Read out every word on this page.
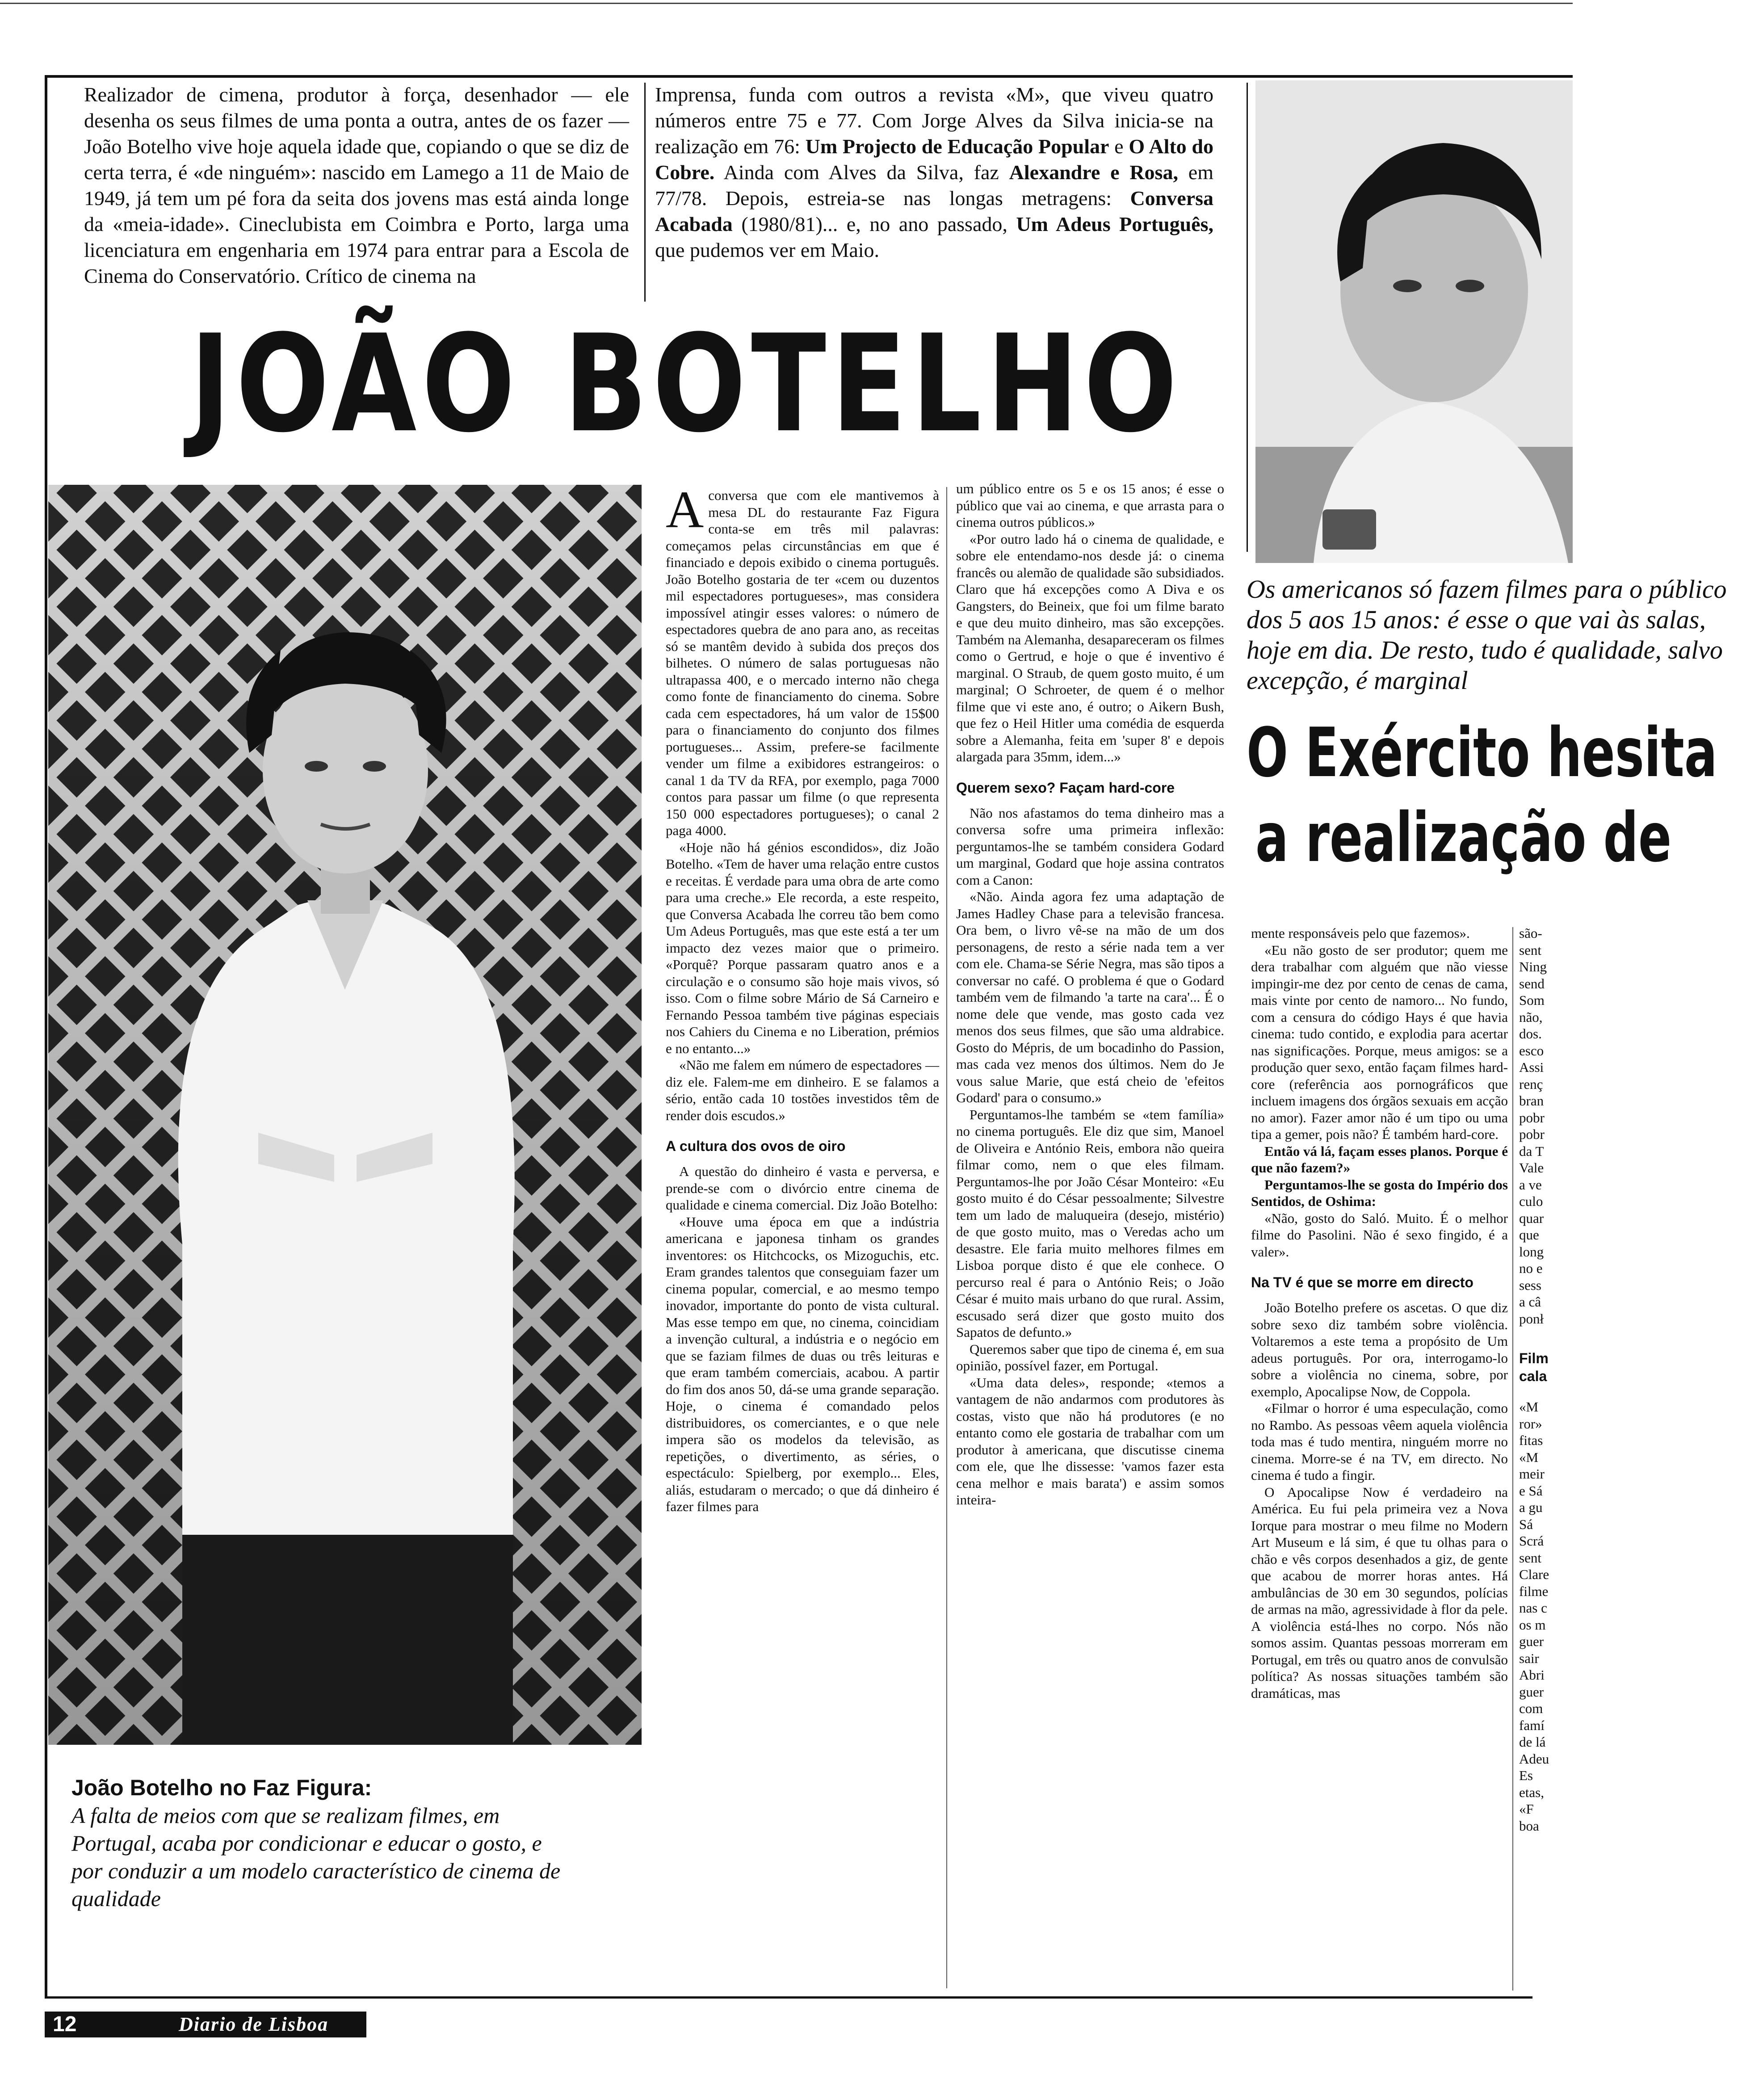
Realizador de cimena, produtor à força, desenhador — ele desenha os seus filmes de uma ponta a outra, antes de os fazer — João Botelho vive hoje aquela idade que, copiando o que se diz de certa terra, é «de ninguém»: nascido em Lamego a 11 de Maio de 1949, já tem um pé fora da seita dos jovens mas está ainda longe da «meia-idade». Cineclubista em Coimbra e Porto, larga uma licenciatura em engenharia em 1974 para entrar para a Escola de Cinema do Conservatório. Crítico de cinema na

Imprensa, funda com outros a revista «M», que viveu quatro números entre 75 e 77. Com Jorge Alves da Silva inicia-se na realização em 76: Um Projecto de Educação Popular e O Alto do Cobre. Ainda com Alves da Silva, faz Alexandre e Rosa, em 77/78. Depois, estreia-se nas longas metragens: Conversa Acabada (1980/81)... e, no ano passado, Um Adeus Português, que pudemos ver em Maio.

JOÃO BOTELHO
João Botelho no Faz Figura:
A falta de meios com que se realizam filmes, em Portugal, acaba por condicionar e educar o gosto, e por conduzir a um modelo característico de cinema de qualidade

Aconversa que com ele mantivemos à mesa DL do restaurante Faz Figura conta-se em três mil palavras: começamos pelas circunstâncias em que é financiado e depois exibido o cinema português. João Botelho gostaria de ter «cem ou duzentos mil espectadores portugueses», mas considera impossível atingir esses valores: o número de espectadores quebra de ano para ano, as receitas só se mantêm devido à subida dos preços dos bilhetes. O número de salas portuguesas não ultrapassa 400, e o mercado interno não chega como fonte de financiamento do cinema. Sobre cada cem espectadores, há um valor de 15$00 para o financiamento do conjunto dos filmes portugueses... Assim, prefere-se facilmente vender um filme a exibidores estrangeiros: o canal 1 da TV da RFA, por exemplo, paga 7000 contos para passar um filme (o que representa 150 000 espectadores portugueses); o canal 2 paga 4000.

«Hoje não há génios escondidos», diz João Botelho. «Tem de haver uma relação entre custos e receitas. É verdade para uma obra de arte como para uma creche.» Ele recorda, a este respeito, que Conversa Acabada lhe correu tão bem como Um Adeus Português, mas que este está a ter um impacto dez vezes maior que o primeiro. «Porquê? Porque passaram quatro anos e a circulação e o consumo são hoje mais vivos, só isso. Com o filme sobre Mário de Sá Carneiro e Fernando Pessoa também tive páginas especiais nos Cahiers du Cinema e no Liberation, prémios e no entanto...»

«Não me falem em número de espectadores — diz ele. Falem-me em dinheiro. E se falamos a sério, então cada 10 tostões investidos têm de render dois escudos.»

A cultura dos ovos de oiro

A questão do dinheiro é vasta e perversa, e prende-se com o divórcio entre cinema de qualidade e cinema comercial. Diz João Botelho:

«Houve uma época em que a indústria americana e japonesa tinham os grandes inventores: os Hitchcocks, os Mizoguchis, etc. Eram grandes talentos que conseguiam fazer um cinema popular, comercial, e ao mesmo tempo inovador, importante do ponto de vista cultural. Mas esse tempo em que, no cinema, coincidiam a invenção cultural, a indústria e o negócio em que se faziam filmes de duas ou três leituras e que eram também comerciais, acabou. A partir do fim dos anos 50, dá-se uma grande separação. Hoje, o cinema é comandado pelos distribuidores, os comerciantes, e o que nele impera são os modelos da televisão, as repetições, o divertimento, as séries, o espectáculo: Spielberg, por exemplo... Eles, aliás, estudaram o mercado; o que dá dinheiro é fazer filmes para

um público entre os 5 e os 15 anos; é esse o público que vai ao cinema, e que arrasta para o cinema outros públicos.»

«Por outro lado há o cinema de qualidade, e sobre ele entendamo-nos desde já: o cinema francês ou alemão de qualidade são subsidiados. Claro que há excepções como A Diva e os Gangsters, do Beineix, que foi um filme barato e que deu muito dinheiro, mas são excepções. Também na Alemanha, desapareceram os filmes como o Gertrud, e hoje o que é inventivo é marginal. O Straub, de quem gosto muito, é um marginal; O Schroeter, de quem é o melhor filme que vi este ano, é outro; o Aikern Bush, que fez o Heil Hitler uma comédia de esquerda sobre a Alemanha, feita em 'super 8' e depois alargada para 35mm, idem...»

Querem sexo? Façam hard-core

Não nos afastamos do tema dinheiro mas a conversa sofre uma primeira inflexão: perguntamos-lhe se também considera Godard um marginal, Godard que hoje assina contratos com a Canon:

«Não. Ainda agora fez uma adaptação de James Hadley Chase para a televisão francesa. Ora bem, o livro vê-se na mão de um dos personagens, de resto a série nada tem a ver com ele. Chama-se Série Negra, mas são tipos a conversar no café. O problema é que o Godard também vem de filmando 'a tarte na cara'... É o nome dele que vende, mas gosto cada vez menos dos seus filmes, que são uma aldrabice. Gosto do Mépris, de um bocadinho do Passion, mas cada vez menos dos últimos. Nem do Je vous salue Marie, que está cheio de 'efeitos Godard' para o consumo.»

Perguntamos-lhe também se «tem família» no cinema português. Ele diz que sim, Manoel de Oliveira e António Reis, embora não queira filmar como, nem o que eles filmam. Perguntamos-lhe por João César Monteiro: «Eu gosto muito é do César pessoalmente; Silvestre tem um lado de maluqueira (desejo, mistério) de que gosto muito, mas o Veredas acho um desastre. Ele faria muito melhores filmes em Lisboa porque disto é que ele conhece. O percurso real é para o António Reis; o João César é muito mais urbano do que rural. Assim, escusado será dizer que gosto muito dos Sapatos de defunto.»

Queremos saber que tipo de cinema é, em sua opinião, possível fazer, em Portugal.

«Uma data deles», responde; «temos a vantagem de não andarmos com produtores às costas, visto que não há produtores (e no entanto como ele gostaria de trabalhar com um produtor à americana, que discutisse cinema com ele, que lhe dissesse: 'vamos fazer esta cena melhor e mais barata') e assim somos inteira-

Os americanos só fazem filmes para o público dos 5 aos 15 anos: é esse o que vai às salas, hoje em dia. De resto, tudo é qualidade, salvo excepção, é marginal
O Exército hesita
a realização de

mente responsáveis pelo que fazemos».

«Eu não gosto de ser produtor; quem me dera trabalhar com alguém que não viesse impingir-me dez por cento de cenas de cama, mais vinte por cento de namoro... No fundo, com a censura do código Hays é que havia cinema: tudo contido, e explodia para acertar nas significações. Porque, meus amigos: se a produção quer sexo, então façam filmes hard-core (referência aos pornográficos que incluem imagens dos órgãos sexuais em acção no amor). Fazer amor não é um tipo ou uma tipa a gemer, pois não? É também hard-core.

Então vá lá, façam esses planos. Porque é que não fazem?»

Perguntamos-lhe se gosta do Império dos Sentidos, de Oshima:

«Não, gosto do Saló. Muito. É o melhor filme do Pasolini. Não é sexo fingido, é a valer».

Na TV é que se morre em directo

João Botelho prefere os ascetas. O que diz sobre sexo diz também sobre violência. Voltaremos a este tema a propósito de Um adeus português. Por ora, interrogamo-lo sobre a violência no cinema, sobre, por exemplo, Apocalipse Now, de Coppola.

«Filmar o horror é uma especulação, como no Rambo. As pessoas vêem aquela violência toda mas é tudo mentira, ninguém morre no cinema. Morre-se é na TV, em directo. No cinema é tudo a fingir.

O Apocalipse Now é verdadeiro na América. Eu fui pela primeira vez a Nova Iorque para mostrar o meu filme no Modern Art Museum e lá sim, é que tu olhas para o chão e vês corpos desenhados a giz, de gente que acabou de morrer horas antes. Há ambulâncias de 30 em 30 segundos, polícias de armas na mão, agressividade à flor da pele. A violência está-lhes no corpo. Nós não somos assim. Quantas pessoas morreram em Portugal, em três ou quatro anos de convulsão política? As nossas situações também são dramáticas, mas

são-
sent
Ning
send
Som
não,
dos.
esco
Assi
renç
bran
pobr
pobr
da T
Vale
a ve
culo
quar
que
long
no e
sess
a câ
ponł
Film
cala
«M
ror»
fitas
«M
meir
e Sá
a gu
Sá
Scrá
sent
Clare
filme
nas c
os m
guer
sair
Abri
guer
com
famí
de lá
Adeu
Es
etas,
«F
boa
12	Diario de Lisboa
